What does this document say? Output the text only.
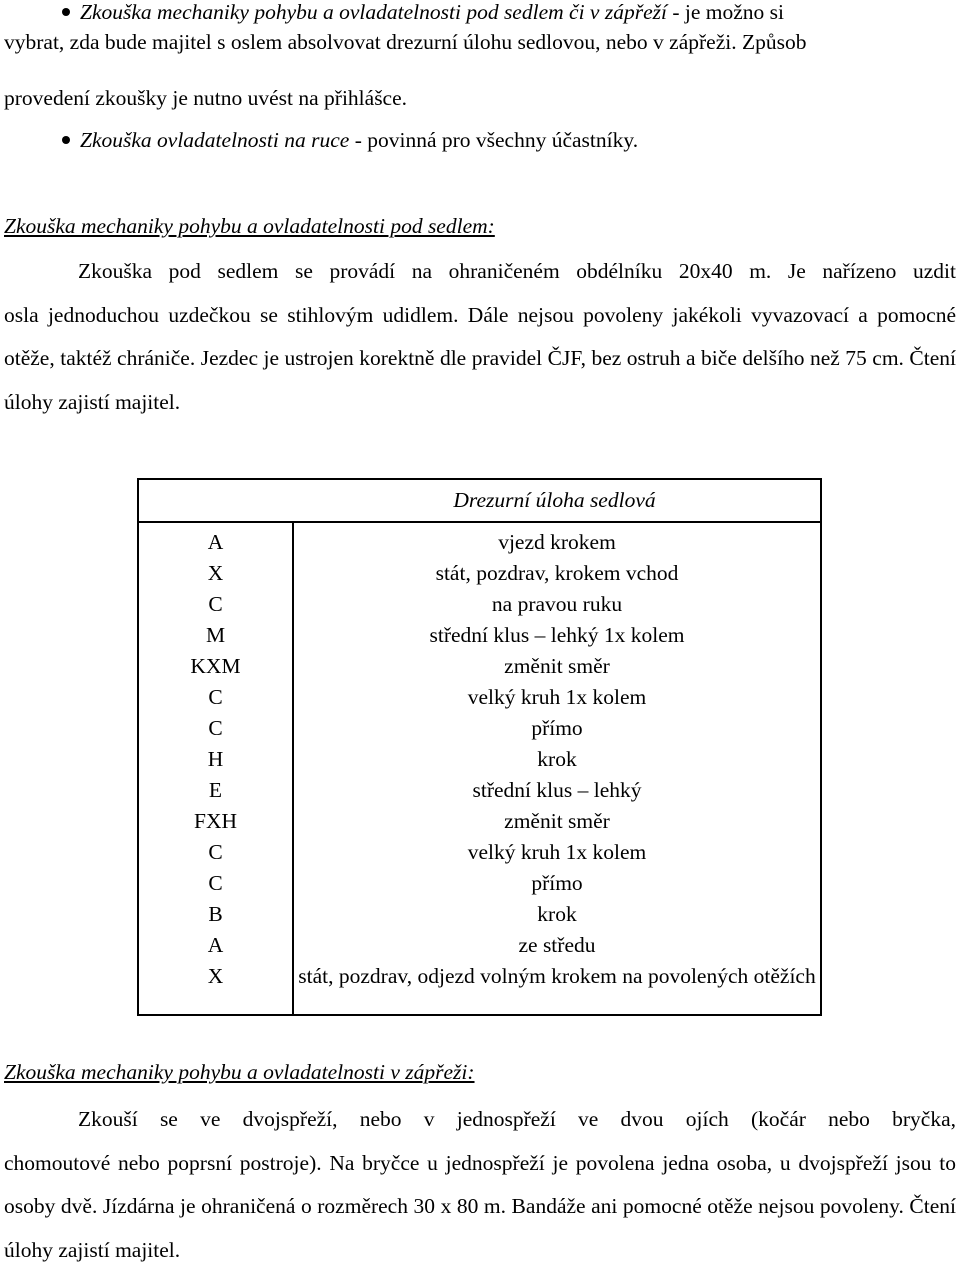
Zkouška mechaniky pohybu a ovladatelnosti pod sedlem či v zápřeží - je možno si
vybrat, zda bude majitel s oslem absolvovat drezurní úlohu sedlovou, nebo v zápřeži. Způsob
provedení zkoušky je nutno uvést na přihlášce.
Zkouška ovladatelnosti na ruce - povinná pro všechny účastníky.
Zkouška mechaniky pohybu a ovladatelnosti pod sedlem:
Zkouška pod sedlem se provádí na ohraničeném obdélníku 20x40 m. Je nařízeno uzdit
osla jednoduchou uzdečkou se stihlovým udidlem. Dále nejsou povoleny jakékoli vyvazovací a pomocné otěže, taktéž chrániče. Jezdec je ustrojen korektně dle pravidel ČJF, bez ostruh a biče delšího než 75 cm. Čtení úlohy zajistí majitel.
Drezurní úloha sedlová
A	vjezd krokem
X	stát, pozdrav, krokem vchod
C	na pravou ruku
M	střední klus – lehký 1x kolem
KXM	změnit směr
C	velký kruh 1x kolem
C	přímo
H	krok
E	střední klus – lehký
FXH	změnit směr
C	velký kruh 1x kolem
C	přímo
B	krok
A	ze středu
X	stát, pozdrav, odjezd volným krokem na povolených otěžích
Zkouška mechaniky pohybu a ovladatelnosti v zápřeži:
Zkouší se ve dvojspřeží, nebo v jednospřeží ve dvou ojích (kočár nebo bryčka,
chomoutové nebo poprsní postroje). Na bryčce u jednospřeží je povolena jedna osoba, u dvojspřeží jsou to osoby dvě. Jízdárna je ohraničená o rozměrech 30 x 80 m. Bandáže ani pomocné otěže nejsou povoleny. Čtení úlohy zajistí majitel.
